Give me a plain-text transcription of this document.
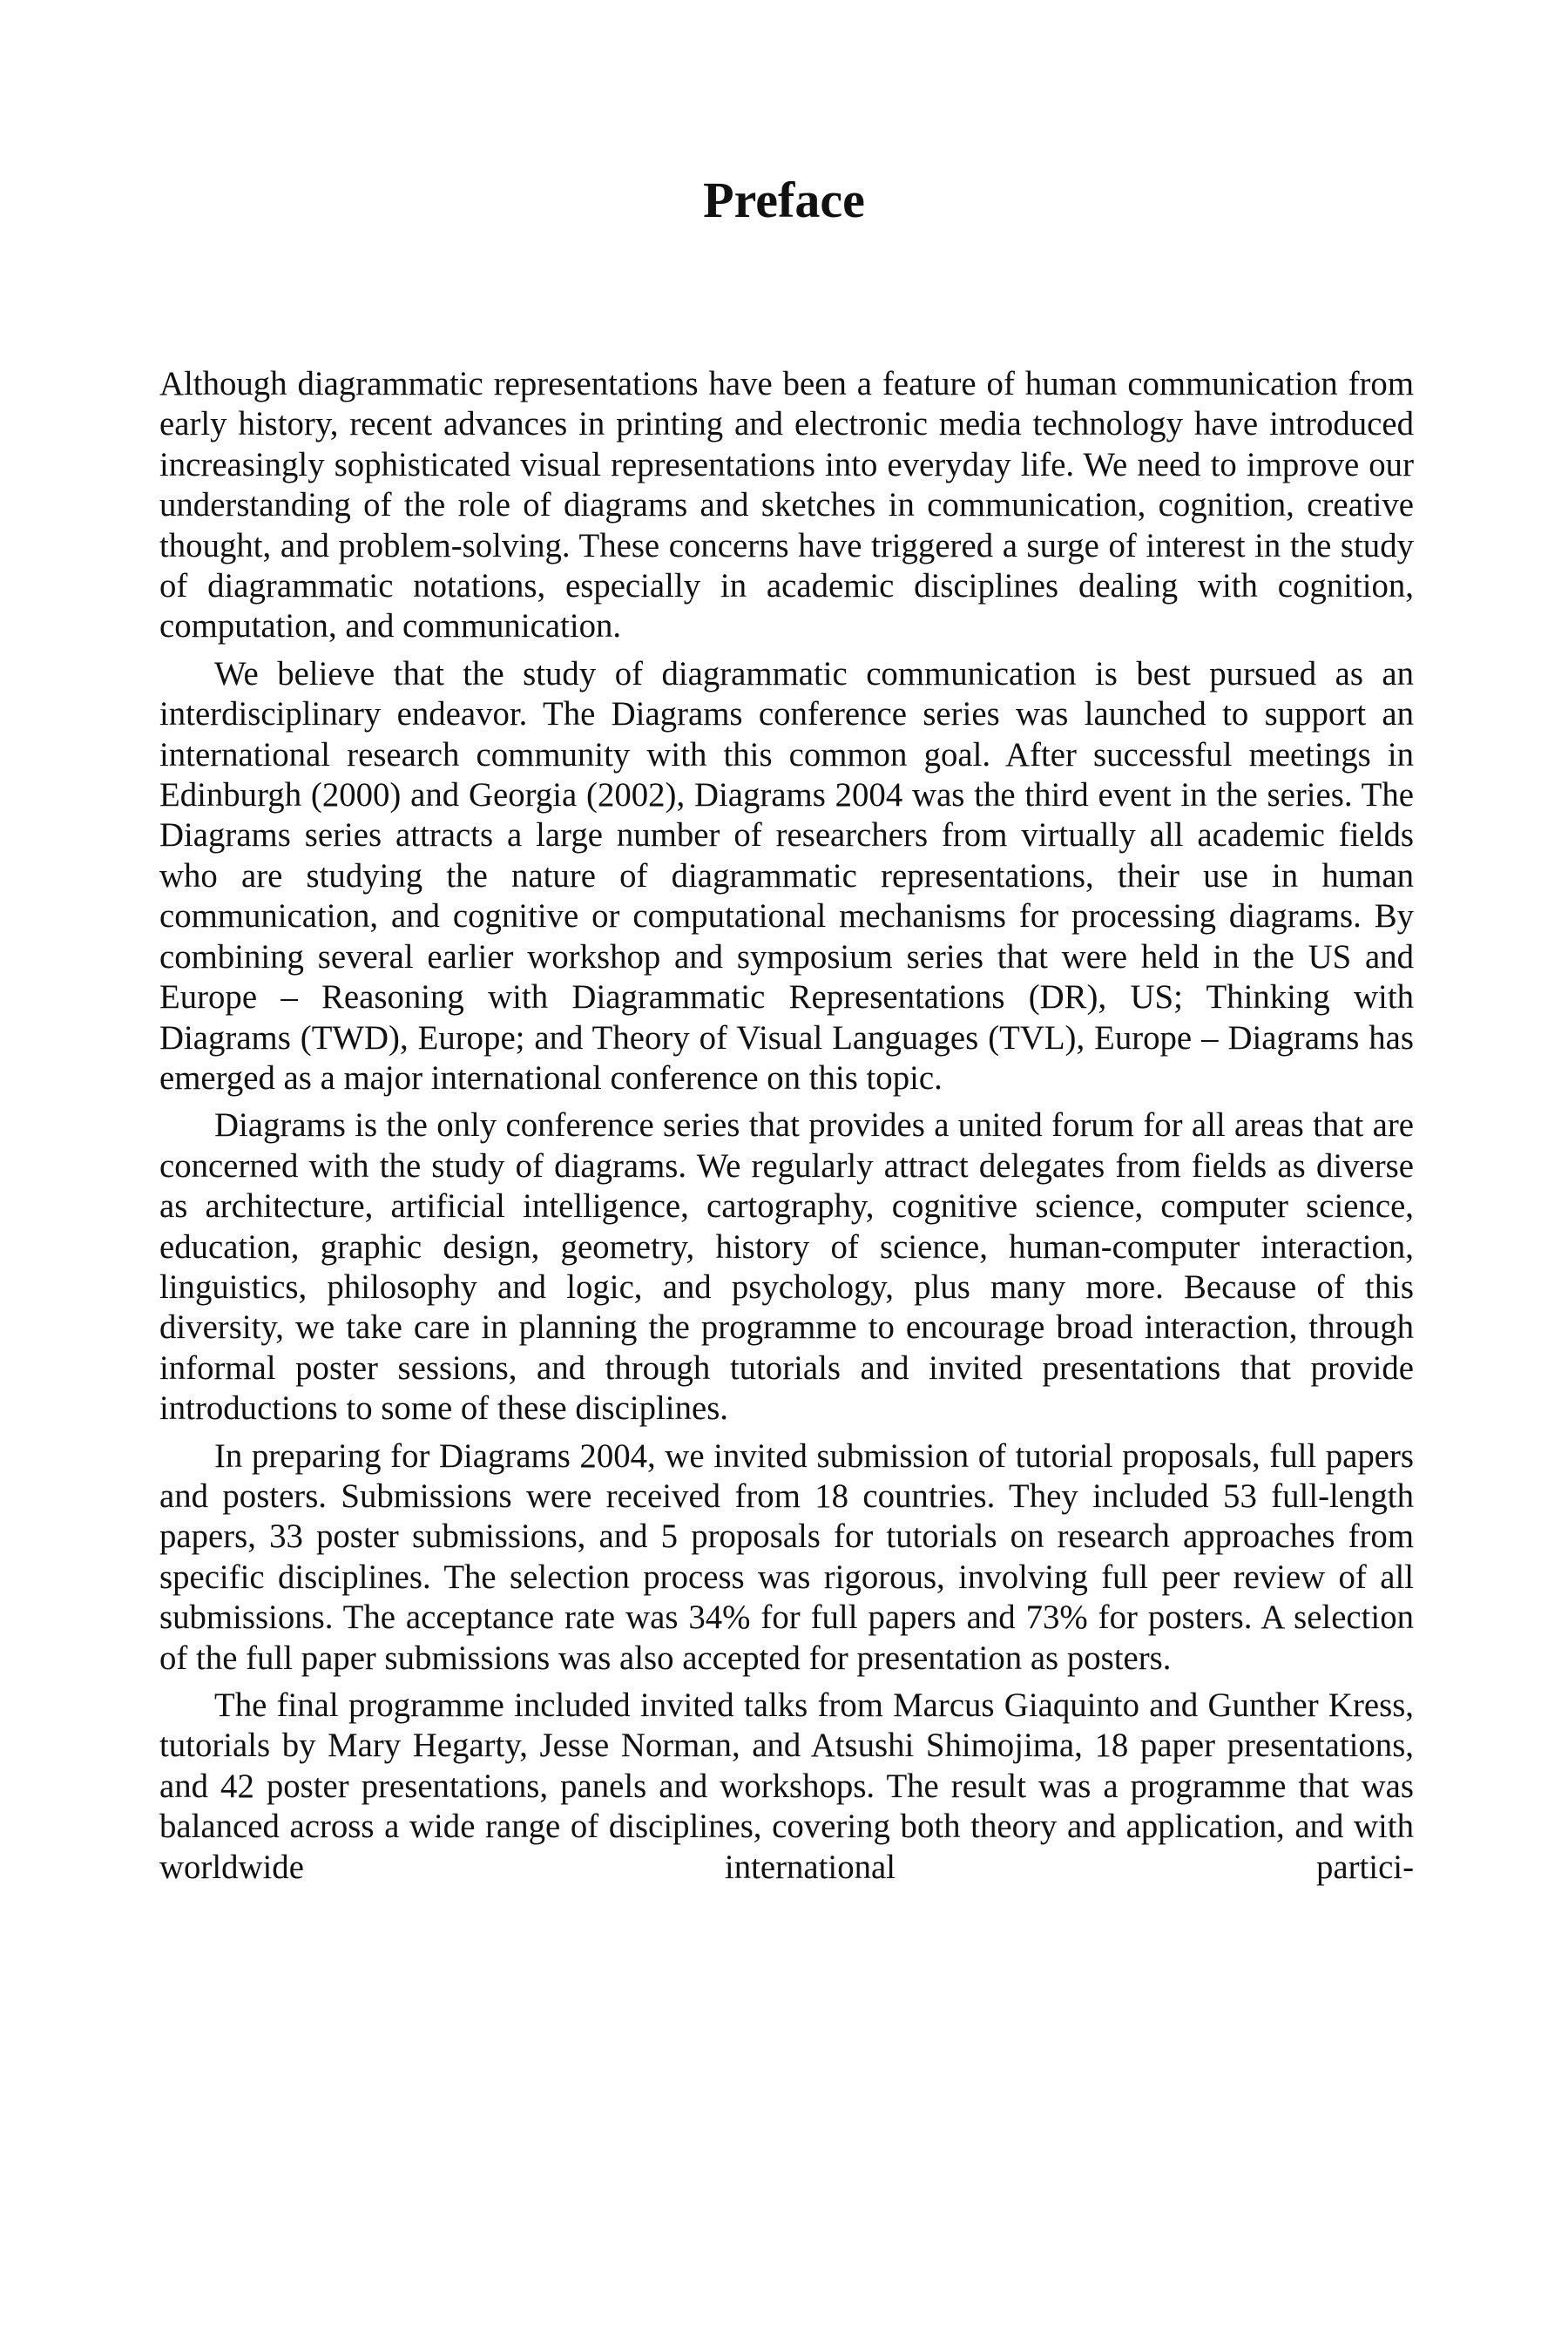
Preface

Although diagrammatic representations have been a feature of human communication from early history, recent advances in printing and electronic media technology have introduced increasingly sophisticated visual representations into everyday life. We need to improve our understanding of the role of diagrams and sketches in communication, cognition, creative thought, and problem-solving. These concerns have triggered a surge of interest in the study of diagrammatic notations, especially in academic disciplines dealing with cognition, computation, and communication.

We believe that the study of diagrammatic communication is best pursued as an interdisciplinary endeavor. The Diagrams conference series was launched to support an international research community with this common goal. After successful meetings in Edinburgh (2000) and Georgia (2002), Diagrams 2004 was the third event in the series. The Diagrams series attracts a large number of researchers from virtually all academic fields who are studying the nature of diagrammatic representations, their use in human communication, and cognitive or computational mechanisms for processing diagrams. By combining several earlier workshop and symposium series that were held in the US and Europe – Reasoning with Diagrammatic Representations (DR), US; Thinking with Diagrams (TWD), Europe; and Theory of Visual Languages (TVL), Europe – Diagrams has emerged as a major international conference on this topic.

Diagrams is the only conference series that provides a united forum for all areas that are concerned with the study of diagrams. We regularly attract delegates from fields as diverse as architecture, artificial intelligence, cartography, cognitive science, computer science, education, graphic design, geometry, history of science, human-computer interaction, linguistics, philosophy and logic, and psychology, plus many more. Because of this diversity, we take care in planning the programme to encourage broad interaction, through informal poster sessions, and through tutorials and invited presentations that provide introductions to some of these disciplines.

In preparing for Diagrams 2004, we invited submission of tutorial proposals, full papers and posters. Submissions were received from 18 countries. They included 53 full-length papers, 33 poster submissions, and 5 proposals for tutorials on research approaches from specific disciplines. The selection process was rigorous, involving full peer review of all submissions. The acceptance rate was 34% for full papers and 73% for posters. A selection of the full paper submissions was also accepted for presentation as posters.

The final programme included invited talks from Marcus Giaquinto and Gunther Kress, tutorials by Mary Hegarty, Jesse Norman, and Atsushi Shimojima, 18 paper presentations, and 42 poster presentations, panels and workshops. The result was a programme that was balanced across a wide range of disciplines, covering both theory and application, and with worldwide international partici-
